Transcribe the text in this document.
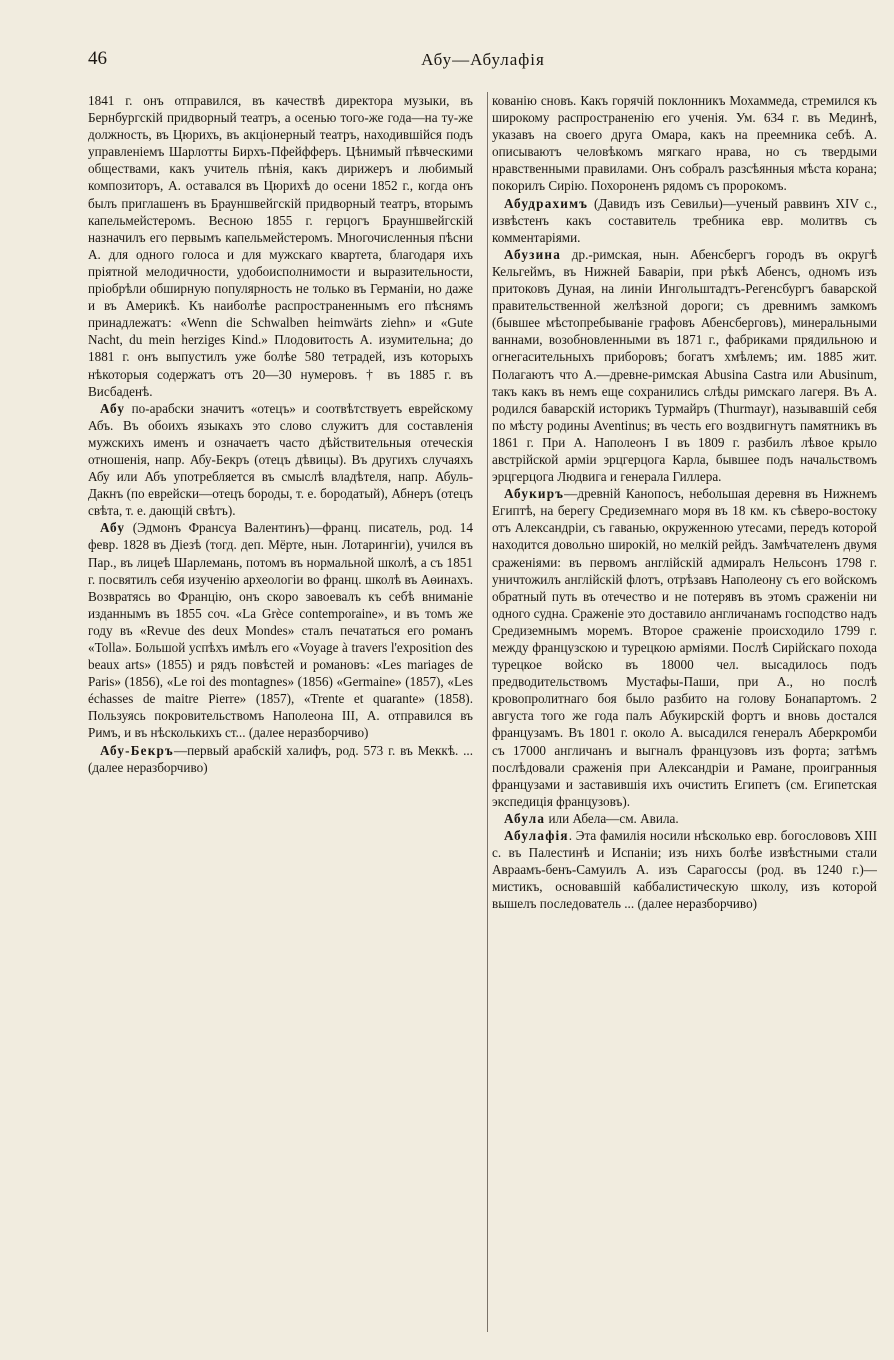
46	Абу—Абулафія

1841 г. онъ отправился, въ качествѣ директора музыки, въ Бернбургскій придворный театръ, а осенью того-же года—на ту-же должность, въ Цюрихъ, въ акціонерный театръ, находившійся подъ управленіемъ Шарлотты Бирхъ-Пфейфферъ. Цѣнимый пѣвческими обществами, какъ учитель пѣнія, какъ дирижеръ и любимый композиторъ, А. оставался въ Цюрихѣ до осени 1852 г., когда онъ былъ приглашенъ въ Брауншвейгскій придворный театръ, вторымъ капельмейстеромъ. Весною 1855 г. герцогъ Брауншвейгскій назначилъ его первымъ капельмейстеромъ. Многочисленныя пѣсни А. для одного голоса и для мужскаго квартета, благодаря ихъ пріятной мелодичности, удобоисполнимости и выразительности, пріобрѣли обширную популярность не только въ Германіи, но даже и въ Америкѣ. Къ наиболѣе распространеннымъ его пѣснямъ принадлежатъ: «Wenn die Schwalben heimwärts ziehn» и «Gute Nacht, du mein herziges Kind.» Плодовитость А. изумительна; до 1881 г. онъ выпустилъ уже болѣе 580 тетрадей, изъ которыхъ нѣкоторыя содержатъ отъ 20—30 нумеровъ. † въ 1885 г. въ Висбаденѣ.

Абу по-арабски значитъ «отецъ» и соотвѣтствуетъ еврейскому Абъ. Въ обоихъ языкахъ это слово служитъ для составленія мужскихъ именъ и означаетъ часто дѣйствительныя отеческія отношенія, напр. Абу-Бекръ (отецъ дѣвицы). Въ другихъ случаяхъ Абу или Абъ употребляется въ смыслѣ владѣтеля, напр. Абуль-Дакнъ (по еврейски—отецъ бороды, т. е. бородатый), Абнеръ (отецъ свѣта, т. е. дающій свѣтъ).

Абу (Эдмонъ Франсуа Валентинъ)—франц. писатель, род. 14 февр. 1828 въ Діезѣ (тогд. деп. Мёрте, нын. Лотарингіи), учился въ Пар., въ лицеѣ Шарлемань, потомъ въ нормальной школѣ, а съ 1851 г. посвятилъ себя изученію археологіи во франц. школѣ въ Аѳинахъ. Возвратясь во Францію, онъ скоро завоевалъ къ себѣ вниманіе изданнымъ въ 1855 соч. «La Grèce contemporaine», и въ томъ же году въ «Revue des deux Mondes» сталъ печататься его романъ «Tolla». Большой успѣхъ имѣлъ его «Voyage à travers l'exposition des beaux arts» (1855) и рядъ повѣстей и романовъ: «Les mariages de Paris» (1856), «Le roi des montagnes» (1856) «Germaine» (1857), «Les échasses de maitre Pierre» (1857), «Trente et quarante» (1858). Пользуясь покровительствомъ Наполеона III, А. отправился въ Римъ, и въ нѣсколькихъ ст... (далее неразборчиво)

Абу-Бекръ—первый арабскій халифъ, род. 573 г. въ Меккѣ. ... (далее неразборчиво)

кованію сновъ. Какъ горячій поклонникъ Мохаммеда, стремился къ широкому распространенію его ученія. Ум. 634 г. въ Мединѣ, указавъ на своего друга Омара, какъ на преемника себѣ. А. описываютъ человѣкомъ мягкаго нрава, но съ твердыми нравственными правилами. Онъ собралъ разсѣянныя мѣста корана; покорилъ Сирію. Похороненъ рядомъ съ пророкомъ.

Абудрахимъ (Давидъ изъ Севильи)—ученый раввинъ XIV с., извѣстенъ какъ составитель требника евр. молитвъ съ комментаріями.

Абузина др.-римская, нын. Абенсбергъ городъ въ округѣ Кельгеймъ, въ Нижней Баваріи, при рѣкѣ Абенсъ, одномъ изъ притоковъ Дуная, на линіи Ингольштадтъ-Регенсбургъ баварской правительственной желѣзной дороги; съ древнимъ замкомъ (бывшее мѣстопребываніе графовъ Абенсберговъ), минеральными ваннами, возобновленными въ 1871 г., фабриками прядильною и огнегасительныхъ приборовъ; богатъ хмѣлемъ; им. 1885 жит. Полагаютъ что А.—древне-римская Abusina Castra или Abusinum, такъ какъ въ немъ еще сохранились слѣды римскаго лагеря. Въ А. родился баварскій историкъ Турмайръ (Thurmayr), называвшій себя по мѣсту родины Aventinus; въ честь его воздвигнутъ памятникъ въ 1861 г. При А. Наполеонъ I въ 1809 г. разбилъ лѣвое крыло австрійской арміи эрцгерцога Карла, бывшее подъ начальствомъ эрцгерцога Людвига и генерала Гиллера.

Абукиръ—древній Канопосъ, небольшая деревня въ Нижнемъ Египтѣ, на берегу Средиземнаго моря въ 18 км. къ сѣверо-востоку отъ Александріи, съ гаванью, окруженною утесами, передъ которой находится довольно широкій, но мелкій рейдъ. Замѣчателенъ двумя сраженіями: въ первомъ англійскій адмиралъ Нельсонъ 1798 г. уничтожилъ англійскій флотъ, отрѣзавъ Наполеону съ его войскомъ обратный путь въ отечество и не потерявъ въ этомъ сраженіи ни одного судна. Сраженіе это доставило англичанамъ господство надъ Средиземнымъ моремъ. Второе сраженіе происходило 1799 г. между французскою и турецкою арміями. Послѣ Сирійскаго похода турецкое войско въ 18000 чел. высадилось подъ предводительствомъ Мустафы-Паши, при А., но послѣ кровопролитнаго боя было разбито на голову Бонапартомъ. 2 августа того же года палъ Абукирскій фортъ и вновь достался французамъ. Въ 1801 г. около А. высадился генералъ Аберкромби съ 17000 англичанъ и выгналъ французовъ изъ форта; затѣмъ послѣдовали сраженія при Александріи и Рамане, проигранныя французами и заставившія ихъ очистить Египетъ (см. Египетская экспедиція французовъ).

Абула или Абела—см. Авила.

Абулафія. Эта фамилія носили нѣсколько евр. богослововъ XIII с. въ Палестинѣ и Испаніи; изъ нихъ болѣе извѣстными стали Авраамъ-бенъ-Самуилъ А. изъ Сарагоссы (род. въ 1240 г.)—мистикъ, основавшій каббалистическую школу, изъ которой вышелъ последователь ... (далее неразборчиво)
